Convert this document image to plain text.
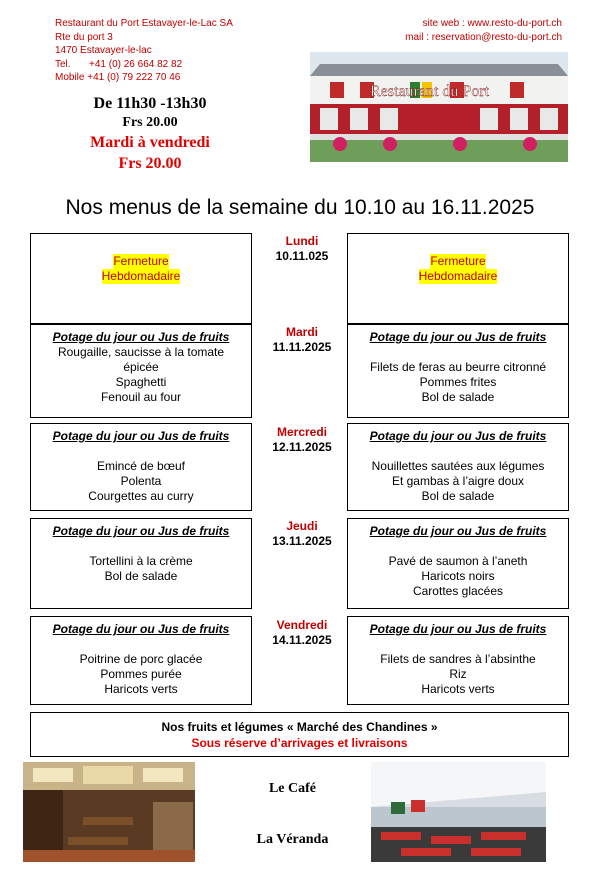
Restaurant du Port Estavayer-le-Lac SA
Rte du port 3
1470 Estavayer-le-lac
Tel. +41 (0) 26 664 82 82
Mobile +41 (0) 79 222 70 46
site web : www.resto-du-port.ch
mail : reservation@resto-du-port.ch
De 11h30 -13h30
Frs 20.00
Mardi à vendredi
Frs 20.00
Restaurant du Port
Nos menus de la semaine du 10.10 au 16.11.2025
Fermeture
Hebdomadaire
Lundi
10.11.025	Fermeture
Hebdomadaire
Potage du jour ou Jus de fruits
Rougaille, saucisse à la tomate
épicée
Spaghetti
Fenouil au four
Mardi
11.11.2025
Potage du jour ou Jus de fruits
Filets de feras au beurre citronné
Pommes frites
Bol de salade
Potage du jour ou Jus de fruits
Emincé de bœuf
Polenta
Courgettes au curry
Mercredi
12.11.2025
Potage du jour ou Jus de fruits
Nouillettes sautées aux légumes
Et gambas à l’aigre doux
Bol de salade
Potage du jour ou Jus de fruits
Tortellini à la crème
Bol de salade
Jeudi
13.11.2025
Potage du jour ou Jus de fruits
Pavé de saumon à l’aneth
Haricots noirs
Carottes glacées
Potage du jour ou Jus de fruits
Poitrine de porc glacée
Pommes purée
Haricots verts
Vendredi
14.11.2025
Potage du jour ou Jus de fruits
Filets de sandres à l’absinthe
Riz
Haricots verts
Nos fruits et légumes « Marché des Chandines »
Sous réserve d’arrivages et livraisons
Le Café
La Véranda
